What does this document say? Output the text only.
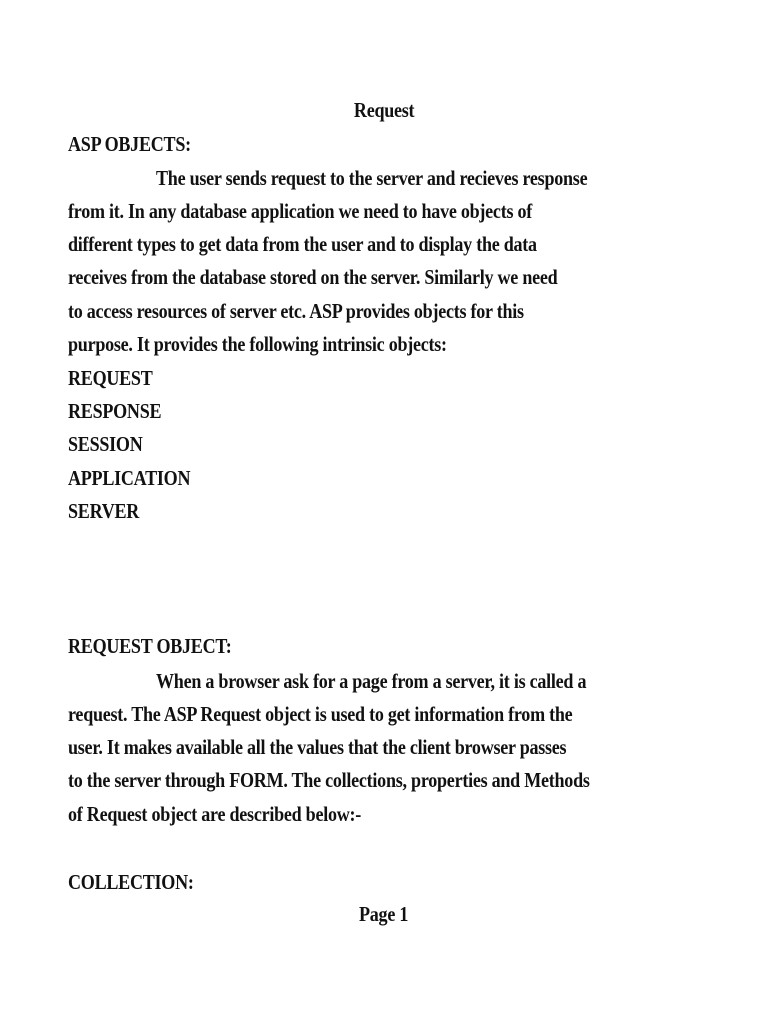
Request
ASP OBJECTS:
The user sends request to the server and recieves response
from it. In any database application we need to have objects of
different types to get data from the user and to display the data
receives from the database stored on the server. Similarly we need
to access resources of server etc. ASP provides objects for this
purpose. It provides the following intrinsic objects:
REQUEST
RESPONSE
SESSION
APPLICATION
SERVER
REQUEST OBJECT:
When a browser ask for a page from a server, it is called a
request. The ASP Request object is used to get information from the
user. It makes available all the values that the client browser passes
to the server through FORM. The collections, properties and Methods
of Request object are described below:-
COLLECTION:
Page 1
